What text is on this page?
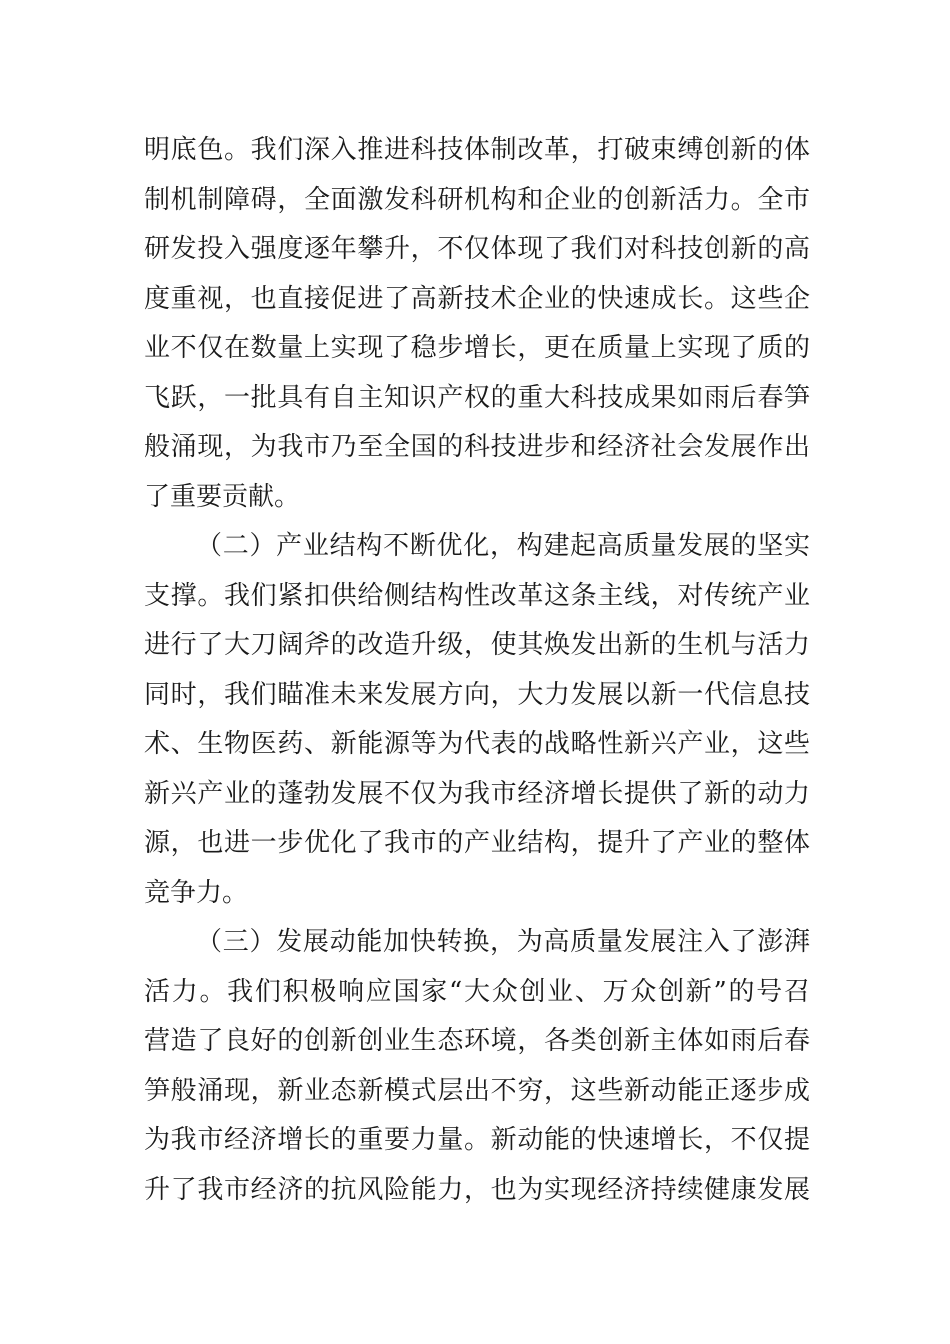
明底色。我们深入推进科技体制改革，打破束缚创新的体
制机制障碍，全面激发科研机构和企业的创新活力。全市
研发投入强度逐年攀升，不仅体现了我们对科技创新的高
度重视，也直接促进了高新技术企业的快速成长。这些企
业不仅在数量上实现了稳步增长，更在质量上实现了质的
飞跃，一批具有自主知识产权的重大科技成果如雨后春笋
般涌现，为我市乃至全国的科技进步和经济社会发展作出
了重要贡献。
（二）产业结构不断优化，构建起高质量发展的坚实
支撑。我们紧扣供给侧结构性改革这条主线，对传统产业
进行了大刀阔斧的改造升级，使其焕发出新的生机与活力
同时，我们瞄准未来发展方向，大力发展以新一代信息技
术、生物医药、新能源等为代表的战略性新兴产业，这些
新兴产业的蓬勃发展不仅为我市经济增长提供了新的动力
源，也进一步优化了我市的产业结构，提升了产业的整体
竞争力。
（三）发展动能加快转换，为高质量发展注入了澎湃
活力。我们积极响应国家“大众创业、万众创新”的号召
营造了良好的创新创业生态环境，各类创新主体如雨后春
笋般涌现，新业态新模式层出不穷，这些新动能正逐步成
为我市经济增长的重要力量。新动能的快速增长，不仅提
升了我市经济的抗风险能力，也为实现经济持续健康发展
